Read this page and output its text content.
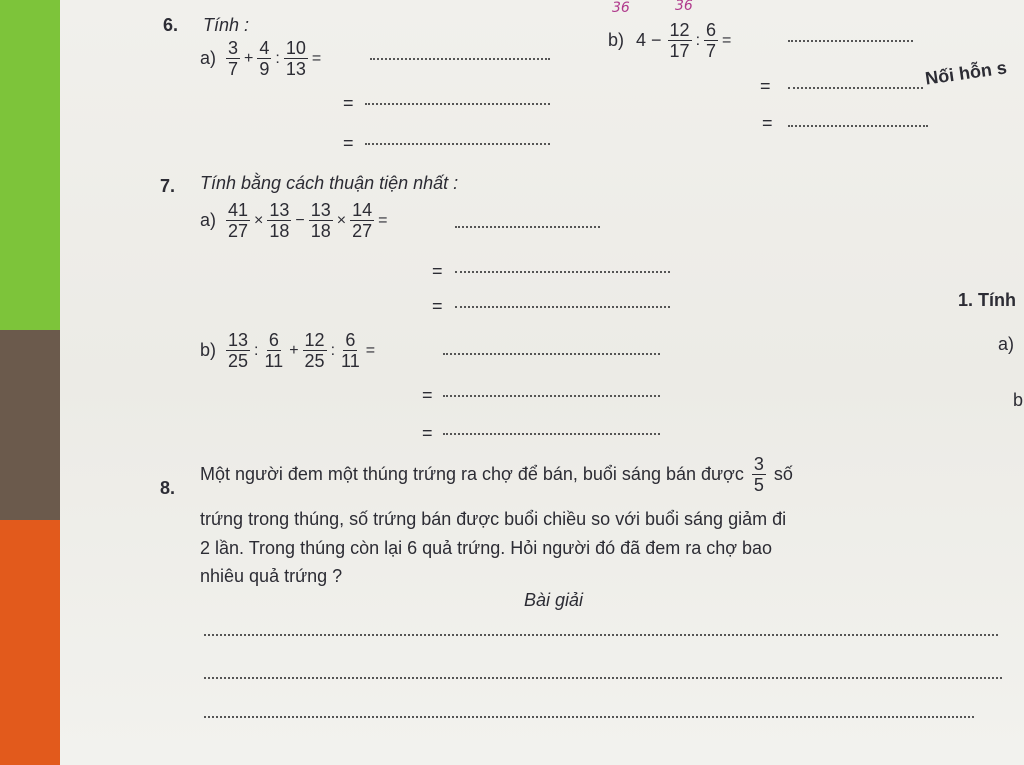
6. Tính :
36	36
$a) \frac{3}{7} + \frac{4}{9}$ : $\frac{10}{13}$ =
=
=
b) $4 - \frac{12}{17}$ : $\frac{6}{7}$ =
=
=
7. Tính bằng cách thuận tiện nhất :
$a) \frac{41}{27} \times \frac{13}{18} - \frac{13}{18} \times \frac{14}{27}$ =
=
=
$b) \frac{13}{25}$ : $\frac{6}{11} + \frac{12}{25}$ : $\frac{6}{11}$ =
=
=
8.
Một người đem một thúng trứng ra chợ để bán, buổi sáng bán được $\frac{3}{5}$ số
trứng trong thúng, số trứng bán được buổi chiều so với buổi sáng giảm đi
2 lần. Trong thúng còn lại 6 quả trứng. Hỏi người đó đã đem ra chợ bao
nhiêu quả trứng ?
Bài giải
Nối hỗn s
1. Tính
a)
b
